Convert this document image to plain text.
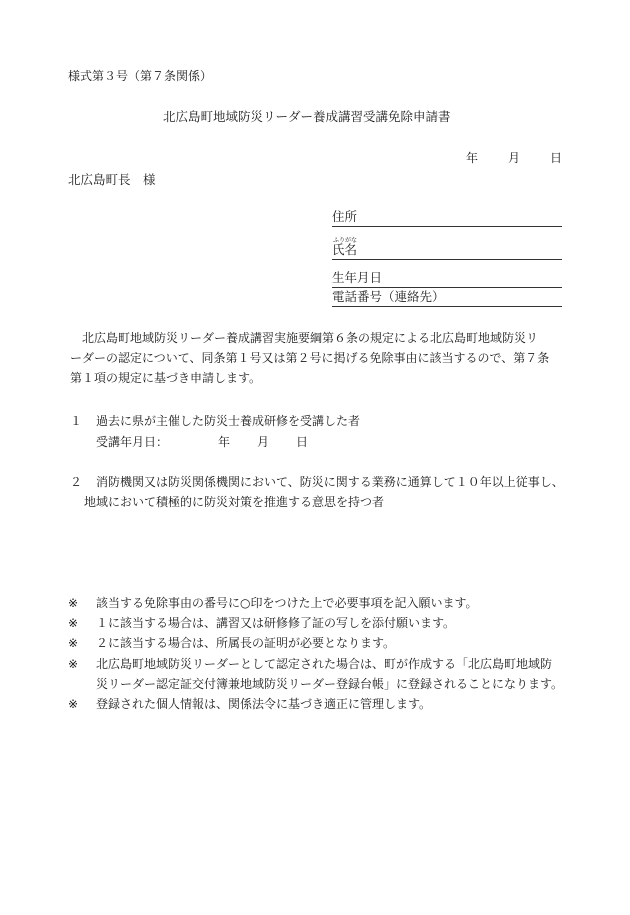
様式第３号（第７条関係）
北広島町地域防災リーダー養成講習受講免除申請書
年 月 日
北広島町長　様
住所
ふりがな
氏名
生年月日
電話番号（連絡先）

　北広島町地域防災リーダー養成講習実施要綱第６条の規定による北広島町地域防災リ

ーダーの認定について、同条第１号又は第２号に掲げる免除事由に該当するので、第７条

第１項の規定に基づき申請します。

１ 過去に県が主催した防災士養成研修を受講した者
受講年月日：	年 月 日
２ 消防機関又は防災関係機関において、防災に関する業務に通算して１０年以上従事し、
地域において積極的に防災対策を推進する意思を持つ者
※ 該当する免除事由の番号に○印をつけた上で必要事項を記入願います。
※ １に該当する場合は、講習又は研修修了証の写しを添付願います。
※ ２に該当する場合は、所属長の証明が必要となります。
※ 北広島町地域防災リーダーとして認定された場合は、町が作成する「北広島町地域防
災リーダー認定証交付簿兼地域防災リーダー登録台帳」に登録されることになります。
※ 登録された個人情報は、関係法令に基づき適正に管理します。
